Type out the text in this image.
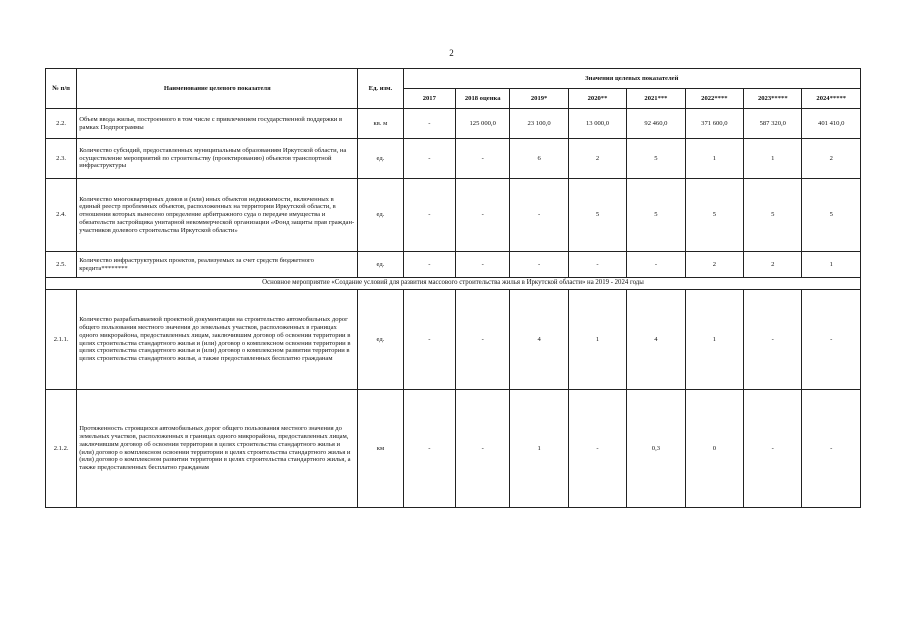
2
№ п/п	Наименование целевого показателя	Ед. изм.	Значения целевых показателей							
			2017	2018 оценка	2019*	2020**	2021***	2022****	2023*****	2024*****
2.2.	Объем ввода жилья, построенного в том числе с привлечением государственной поддержки в рамках Подпрограммы	кв. м	-	125 000,0	23 100,0	13 000,0	92 460,0	371 600,0	587 320,0	401 410,0
2.3.	Количество субсидий, предоставленных муниципальным образованиям Иркутской области, на осуществление мероприятий по строительству (проектированию) объектов транспортной инфраструктуры	ед.	-	-	6	2	5	1	1	2
2.4.	Количество многоквартирных домов и (или) иных объектов недвижимости, включенных в единый реестр проблемных объектов, расположенных на территории Иркутской области, в отношении которых вынесено определение арбитражного суда о передаче имущества и обязательств застройщика унитарной некоммерческой организации «Фонд защиты прав граждан-участников долевого строительства Иркутской области»	ед.	-	-	-	5	5	5	5	5
2.5.	Количество инфраструктурных проектов, реализуемых за счет средств бюджетного кредита********	ед.	-	-	-	-	-	2	2	1
Основное мероприятие «Создание условий для развития массового строительства жилья в Иркутской области» на 2019 - 2024 годы										
2.1.1.	Количество разрабатываемой проектной документации на строительство автомобильных дорог общего пользования местного значения до земельных участков, расположенных в границах одного микрорайона, предоставленных лицам, заключившим договор об освоении территории в целях строительства стандартного жилья и (или) договор о комплексном освоении территории в целях строительства стандартного жилья и (или) договор о комплексном развитии территории в целях строительства стандартного жилья, а также предоставленных бесплатно гражданам	ед.	-	-	4	1	4	1	-	-
2.1.2.	Протяженность строящихся автомобильных дорог общего пользования местного значения до земельных участков, расположенных в границах одного микрорайона, предоставленных лицам, заключившим договор об освоении территории в целях строительства стандартного жилья и (или) договор о комплексном освоении территории в целях строительства стандартного жилья и (или) договор о комплексном развитии территории в целях строительства стандартного жилья, а также предоставленных бесплатно гражданам	км	-	-	1	-	0,3	0	-	-
